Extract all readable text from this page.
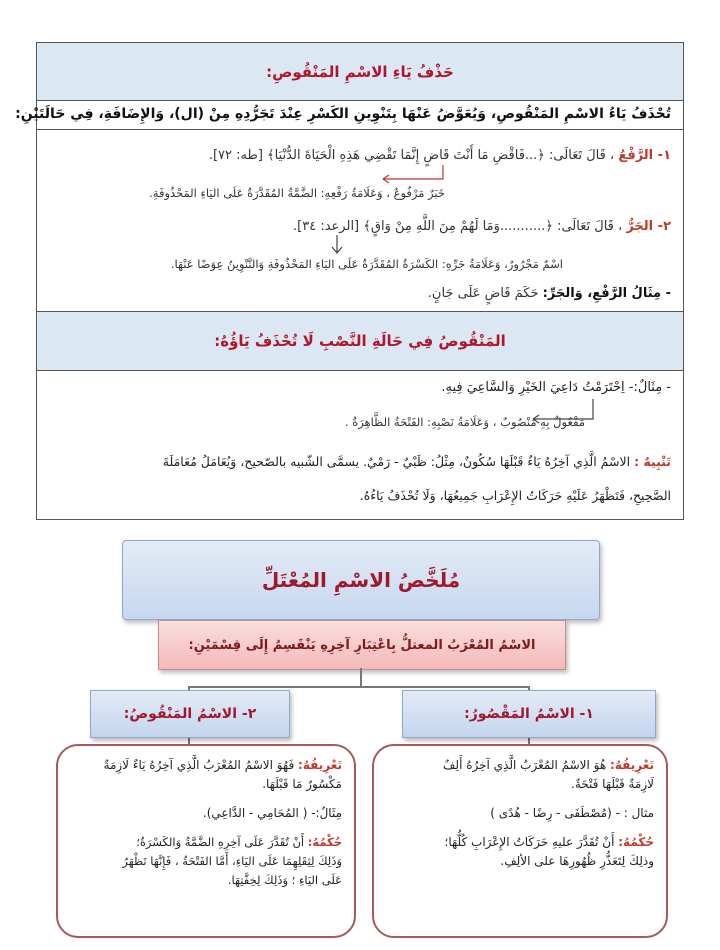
حَذْفُ يَاءِ الاسْمِ المَنْقُوصِ:
تُحْذَفُ يَاءُ الاسْمِ المَنْقُوصِ، وَيُعَوَّضُ عَنْهَا بِتَنْوِينِ الكَسْرِ عِنْدَ تَجَرُّدِهِ مِنْ (ال)، وَالإِضَافَةِ، فِي حَالَتَيْنِ:
١- الرَّفْعُ ، قَالَ تَعَالَى: ﴿...فَاقْضِ مَا أَنْتَ قَاضٍ إِنَّمَا تَقْضِي هَذِهِ الْحَيَاةَ الدُّنْيَا﴾ [طه: ٧٢].
خَبَرٌ مَرْفُوعٌ ، وَعَلَامَةُ رَفْعِهِ: الضَّمَّةُ المُقَدَّرَةُ عَلَى اليَاءِ المَحْذُوفَةِ.
٢- الجَرُّ ، قَالَ تَعَالَى: ﴿...........وَمَا لَهُمْ مِنَ اللَّهِ مِنْ وَاقٍ﴾ [الرعد: ٣٤].
اسْمٌ مَجْرُورٌ، وَعَلَامَةُ جَرِّهِ: الكَسْرَةُ المُقَدَّرَةُ عَلَى اليَاءِ المَحْذُوفَةِ وَالتَّنْوِينُ عِوَضًا عَنْهَا.
- مِثَالُ الرَّفْعِ، وَالجَرِّ: حَكَمَ قَاضٍ عَلَى جَانٍ.
المَنْقُوصُ فِي حَالَةِ النَّصْبِ لَا تُحْذَفُ يَاؤُهُ:
- مِثَالٌ:- اِحْتَرَمْتُ دَاعِيَ الخَيْرِ وَالسَّاعِيَ فِيهِ.
مَفْعُولٌ بِهِ مَنْصُوبٌ ، وَعَلَامَةُ نَصْبِهِ: الفَتْحَةُ الظَّاهِرَةُ .
تَنْبِيهٌ : الاسْمُ الَّذِي آخِرُهُ يَاءٌ قَبْلَهَا سُكُونٌ، مِثْلُ: ظَبْيٌ - رَمْيٌ. يسمَّى الشّبيه بالصّحيح، وَيُعَامَلُ مُعَامَلَةَ
الصَّحِيحِ، فَتَظْهَرُ عَلَيْهِ حَرَكَاتُ الإِعْرَابِ جَمِيعُهَا، وَلَا تُحْذَفُ يَاءُهُ.
مُلَخَّصُ الاسْمِ المُعْتَلِّ
الاسْمُ المُعْرَبُ المعتلُّ بِاعْتِبَارِ آخِرِهِ يَنْقَسِمُ إِلَى قِسْمَيْنِ:
١- الاسْمُ المَقْصُورُ:
٢- الاسْمُ المَنْقُوصُ:

تَعْرِيفُهُ: هُوَ الاسْمُ المُعْرَبُ الَّذِي آخِرُهُ أَلِفٌ
لَازِمَةٌ قَبْلَهَا فَتْحَةٌ.

مثال : - (مُصْطَفَى - رِضًا - هُدًى )

حُكْمُهُ: أَنْ تُقَدَّرَ عليهِ حَرَكَاتُ الإِعْرَابِ كُلُّهَا؛
وذلِكَ لِتَعَذُّرِ ظُهُورِهَا على الألِفِ.

تَعْرِيفُهُ: فَهُوَ الاسْمُ المُعْرَبُ الَّذِي آخِرُهُ يَاءٌ لَازِمَةٌ
مَكْسُورٌ مَا قَبْلَهَا.

مِثَالٌ:- ( المُحَامِي - الدَّاعِي).

حُكْمُهُ: أَنْ تُقَدَّرَ عَلَى آخِرِهِ الضَّمَّةُ وَالكَسْرَةُ؛
وَذَلِكَ لِثِقَلِهِمَا عَلَى اليَاءِ، أَمَّا الفَتْحَةُ ، فَإِنَّهَا تَظْهَرُ
عَلَى اليَاءِ ؛ وَذَلِكَ لِخِفَّتِهَا.
